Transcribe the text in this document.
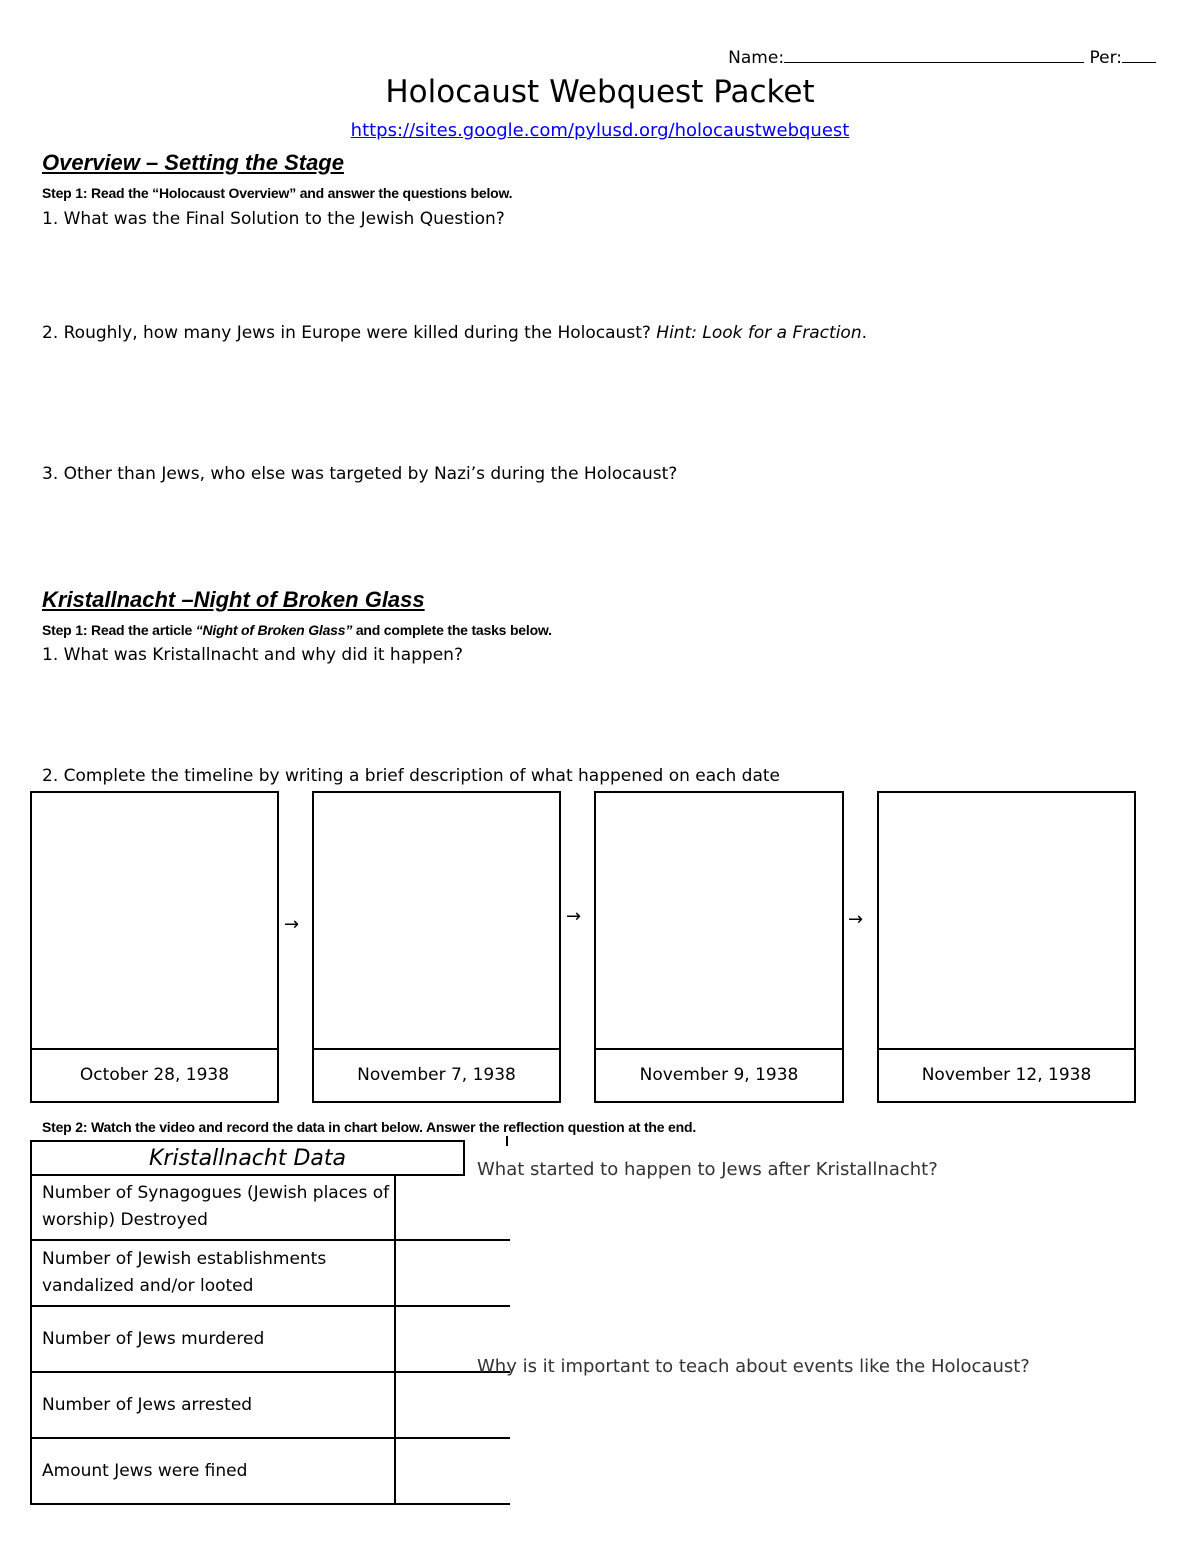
Name:	Per:
Holocaust Webquest Packet
https://sites.google.com/pylusd.org/holocaustwebquest
Overview – Setting the Stage
Step 1: Read the “Holocaust Overview” and answer the questions below.
1. What was the Final Solution to the Jewish Question?
2. Roughly, how many Jews in Europe were killed during the Holocaust? Hint: Look for a Fraction.
3. Other than Jews, who else was targeted by Nazi’s during the Holocaust?
Kristallnacht –Night of Broken Glass
Step 1: Read the article “Night of Broken Glass” and complete the tasks below.
1. What was Kristallnacht and why did it happen?
2. Complete the timeline by writing a brief description of what happened on each date
October 28, 1938
→
November 7, 1938
→
November 9, 1938
→
November 12, 1938
Step 2: Watch the video and record the data in chart below. Answer the reflection question at the end.
Kristallnacht Data
Number of Synagogues (Jewish places of worship) Destroyed
Number of Jewish establishments vandalized and/or looted
Number of Jews murdered
Number of Jews arrested
Amount Jews were fined
What started to happen to Jews after Kristallnacht?
Why is it important to teach about events like the Holocaust?
